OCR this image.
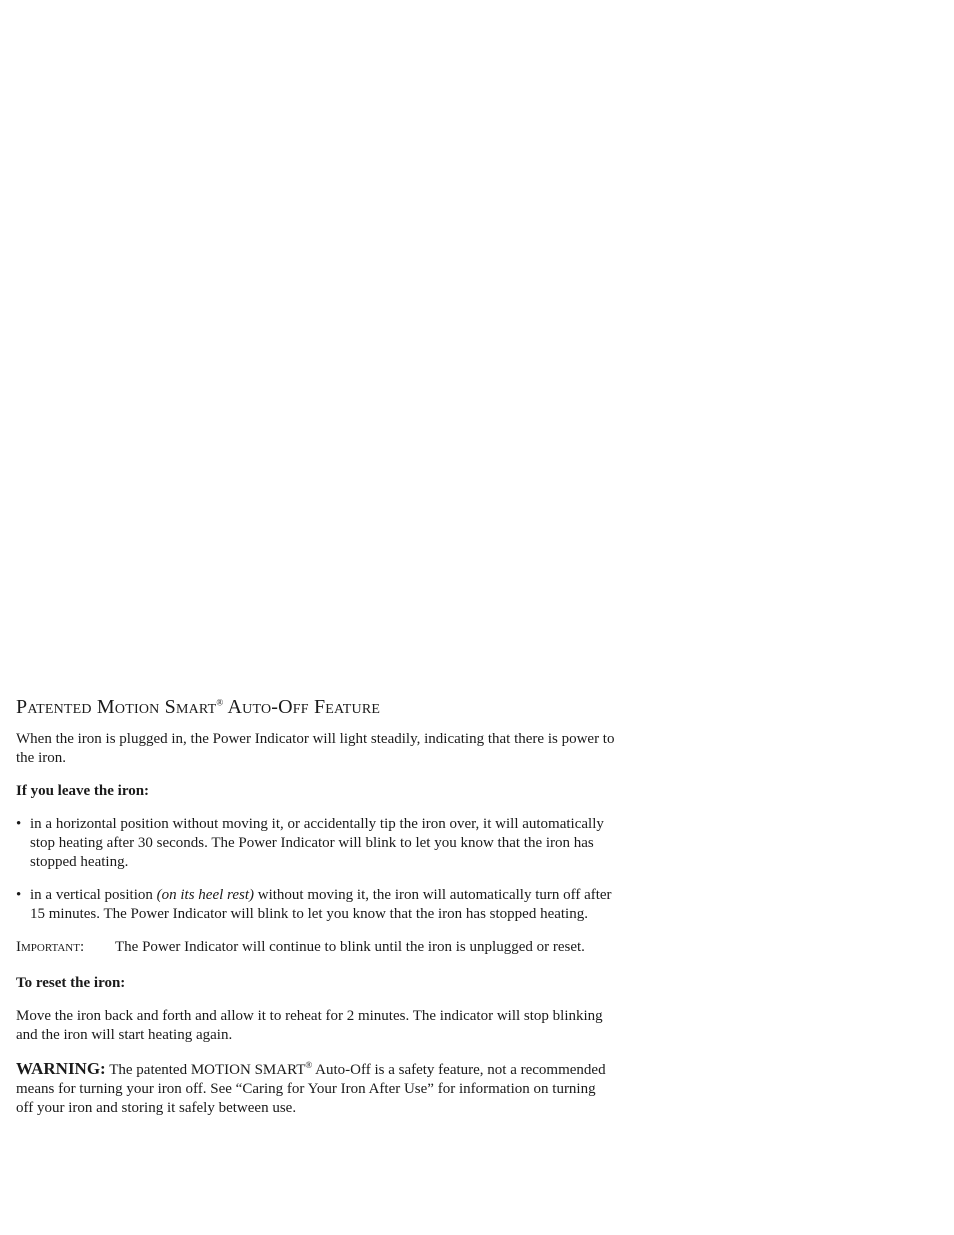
Patented Motion Smart® Auto-Off Feature

When the iron is plugged in, the Power Indicator will light steadily, indicating that there is power to the iron.

If you leave the iron:

• in a horizontal position without moving it, or accidentally tip the iron over, it will automatically stop heating after 30 seconds. The Power Indicator will blink to let you know that the iron has stopped heating.
• in a vertical position (on its heel rest) without moving it, the iron will automatically turn off after 15 minutes. The Power Indicator will blink to let you know that the iron has stopped heating.
Important:	The Power Indicator will continue to blink until the iron is unplugged or reset.

To reset the iron:

Move the iron back and forth and allow it to reheat for 2 minutes. The indicator will stop blinking and the iron will start heating again.

WARNING: The patented MOTION SMART® Auto-Off is a safety feature, not a recommended means for turning your iron off. See “Caring for Your Iron After Use” for information on turning off your iron and storing it safely between use.
